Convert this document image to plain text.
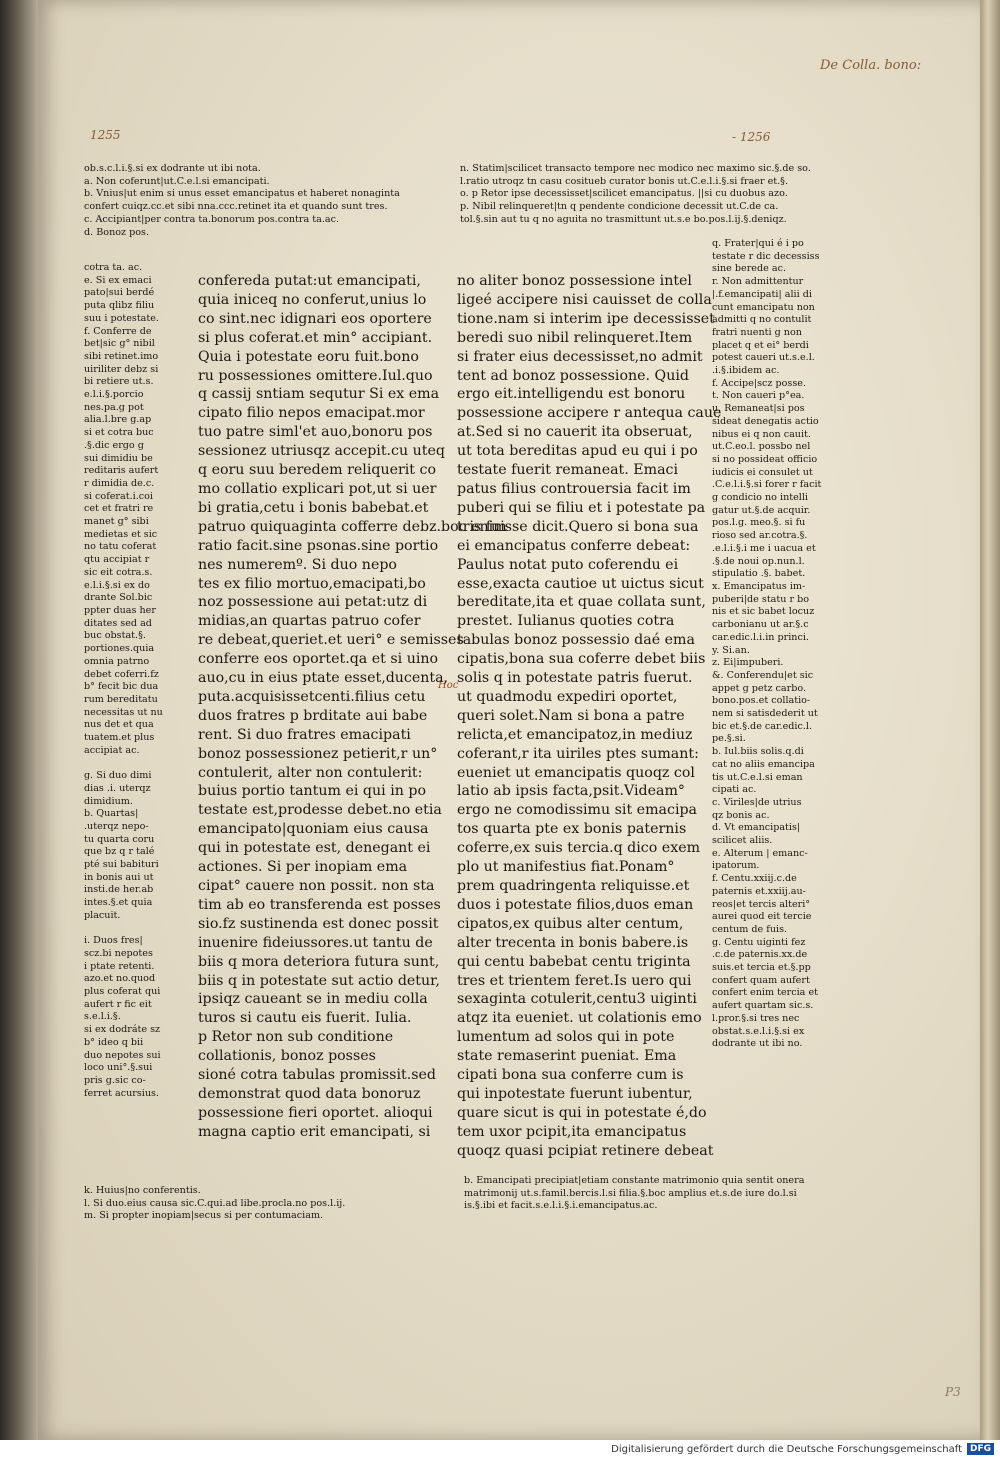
De Colla. bono:
1255	- 1256
Hoc
P3
ob.s.c.l.i.§.si ex dodrante ut ibi nota.
a. Non coferunt|ut.C.e.l.si emancipati.
b. Vnius|ut enim si unus esset emancipatus et haberet nonaginta
confert cuiqz.cc.et sibi nna.ccc.retinet ita et quando sunt tres.
c. Accipiant|per contra ta.bonorum pos.contra ta.ac.
d. Bonoz pos.
n. Statim|scilicet transacto tempore nec modico nec maximo sic.§.de so.
l.ratio utroqz tn casu cositueb curator bonis ut.C.e.l.i.§.si fraer et.§.
o. p Retor ipse decessisset|scilicet emancipatus. ||si cu duobus azo.
p. Nibil relinqueret|tn q pendente condicione decessit ut.C.de ca.
tol.§.sin aut tu q no aguita no trasmittunt ut.s.e bo.pos.l.ij.§.deniqz.
cotra ta. ac.
e. Si ex emaci
pato|sui berdé
puta qlibz filiu
suu i potestate.
f. Conferre de
bet|sic g° nibil
sibi retinet.imo
uiriliter debz si
bi retiere ut.s.
e.l.i.§.porcio
nes.pa.g pot
alia.l.bre g.ap
si et cotra buc
.§.dic ergo g
sui dimidiu be
reditaris aufert
r dimidia de.c.
si coferat.i.coi
cet et fratri re
manet g° sibi
medietas et sic
no tatu coferat
qtu accipiat r
sic eit cotra.s.
e.l.i.§.si ex do
drante Sol.bic
ppter duas her
ditates sed ad
buc obstat.§.
portiones.quia
omnia patrno
debet coferri.fz
b° fecit bic dua
rum bereditatu
necessitas ut nu
nus det et qua
tuatem.et plus
accipiat ac.

g. Si duo dimi
dias .i. uterqz
dimidium.
b. Quartas|
.uterqz nepo-
tu quarta coru
que bz q r talé
pté sui babituri
in bonis aui ut
insti.de her.ab
intes.§.et quia
placuit.

i. Duos fres|
scz.bi nepotes
i ptate retenti.
azo.et no.quod
plus coferat qui
aufert r fic eit
s.e.l.i.§.
si ex dodráte sz
b° ideo q bii
duo nepotes sui
loco uni°.§.sui
pris g.sic co-
ferret acursius.
q. Frater|qui é i po
testate r dic decessiss
sine berede ac.
r. Non admittentur
|.f.emancipati| alii di
cunt emancipatu non
admitti q no contulit
fratri nuenti g non
placet q et ei° berdi
potest caueri ut.s.e.l.
.i.§.ibidem ac.
f. Accipe|scz posse.
t. Non caueri p°ea.
u. Remaneat|si pos
sideat denegatis actio
nibus ei q non cauit.
ut.C.eo.l. possbo nel
si no possideat officio
iudicis ei consulet ut
.C.e.l.i.§.si forer r facit
g condicio no intelli
gatur ut.§.de acquir.
pos.l.g. meo.§. si fu
rioso sed ar.cotra.§.
.e.l.i.§.i me i uacua et
.§.de noui op.nun.l.
stipulatio .§. babet.
x. Emancipatus im-
puberi|de statu r bo
nis et sic babet locuz
carbonianu ut ar.§.c
car.edic.l.i.in princi.
y. Si.an.
z. Ei|impuberi.
&. Conferendu|et sic
appet g petz carbo.
bono.pos.et collatio-
nem si satisdederit ut
bic et.§.de car.edic.l.
pe.§.si.
b. Iul.biis solis.q.di
cat no aliis emancipa
tis ut.C.e.l.si eman
cipati ac.
c. Viriles|de utrius
qz bonis ac.
d. Vt emancipatis|
scilicet aliis.
e. Alterum | emanc-
ipatorum.
f. Centu.xxiij.c.de
paternis et.xxiij.au-
reos|et tercis alteri°
aurei quod eit tercie
centum de fuis.
g. Centu uiginti fez
.c.de paternis.xx.de
suis.et tercia et.§.pp
confert quam aufert
confert enim tercia et
aufert quartam sic.s.
l.pror.§.si tres nec
obstat.s.e.l.i.§.si ex
dodrante ut ibi no.
confereda putat:ut emancipati,
quia iniceq no conferut,unius lo
co sint.nec idignari eos oportere
si plus coferat.et min° accipiant.
Quia i potestate eoru fuit.bono
ru possessiones omittere.Iul.quo
q cassij sntiam sequtur Si ex ema
cipato filio nepos emacipat.mor
tuo patre siml'et auo,bonoru pos
sessionez utriusqz accepit.cu uteq
q eoru suu beredem reliquerit co
mo collatio explicari pot,ut si uer
bi gratia,cetu i bonis babebat.et
patruo quiquaginta cofferre debz.boc enim
ratio facit.sine psonas.sine portio
nes numeremº. Si duo nepo
tes ex filio mortuo,emacipati,bo
noz possessione aui petat:utz di
midias,an quartas patruo cofer
re debeat,queriet.et ueri° e semisses
conferre eos oportet.qa et si uino
auo,cu in eius ptate esset,ducenta,
puta.acquisissetcenti.filius cetu
duos fratres p brditate aui babe
rent. Si duo fratres emacipati
bonoz possessionez petierit,r un°
contulerit, alter non contulerit:
buius portio tantum ei qui in po
testate est,prodesse debet.no etia
emancipato|quoniam eius causa
qui in potestate est, denegant ei
actiones. Si per inopiam ema
cipat° cauere non possit. non sta
tim ab eo transferenda est posses
sio.fz sustinenda est donec possit
inuenire fideiussores.ut tantu de
biis q mora deteriora futura sunt,
biis q in potestate sut actio detur,
ipsiqz caueant se in mediu colla
turos si cautu eis fuerit. Iulia.
p Retor non sub conditione
collationis, bonoz posses
sioné cotra tabulas promissit.sed
demonstrat quod data bonoruz
possessione fieri oportet. alioqui
magna captio erit emancipati, si
no aliter bonoz possessione intel
ligeé accipere nisi cauisset de colla
tione.nam si interim ipe decessisset
beredi suo nibil relinqueret.Item
si frater eius decessisset,no admit
tent ad bonoz possessione. Quid
ergo eit.intelligendu est bonoru
possessione accipere r antequa caue
at.Sed si no cauerit ita obseruat,
ut tota bereditas apud eu qui i po
testate fuerit remaneat. Emaci
patus filius controuersia facit im
puberi qui se filiu et i potestate pa
tris fuisse dicit.Quero si bona sua
ei emancipatus conferre debeat:
Paulus notat puto coferendu ei
esse,exacta cautioe ut uictus sicut
bereditate,ita et quae collata sunt,
prestet. Iulianus quoties cotra
tabulas bonoz possessio daé ema
cipatis,bona sua coferre debet biis
solis q in potestate patris fuerut.
ut quadmodu expediri oportet,
queri solet.Nam si bona a patre
relicta,et emancipatoz,in mediuz
coferant,r ita uiriles ptes sumant:
eueniet ut emancipatis quoqz col
latio ab ipsis facta,psit.Videam°
ergo ne comodissimu sit emacipa
tos quarta pte ex bonis paternis
coferre,ex suis tercia.q dico exem
plo ut manifestius fiat.Ponam°
prem quadringenta reliquisse.et
duos i potestate filios,duos eman
cipatos,ex quibus alter centum,
alter trecenta in bonis babere.is
qui centu babebat centu triginta
tres et trientem feret.Is uero qui
sexaginta cotulerit,centu3 uiginti
atqz ita eueniet. ut colationis emo
lumentum ad solos qui in pote
state remaserint pueniat. Ema
cipati bona sua conferre cum is
qui inpotestate fuerunt iubentur,
quare sicut is qui in potestate é,do
tem uxor pcipit,ita emancipatus
quoqz quasi pcipiat retinere debeat
k. Huius|no conferentis.
l. Si duo.eius causa sic.C.qui.ad libe.procla.no pos.l.ij.
m. Si propter inopiam|secus si per contumaciam.
b. Emancipati precipiat|etiam constante matrimonio quia sentit onera
matrimonij ut.s.famil.bercis.l.si filia.§.boc amplius et.s.de iure do.l.si
is.§.ibi et facit.s.e.l.i.§.i.emancipatus.ac.
Digitalisierung gefördert durch die Deutsche Forschungsgemeinschaft DFG
